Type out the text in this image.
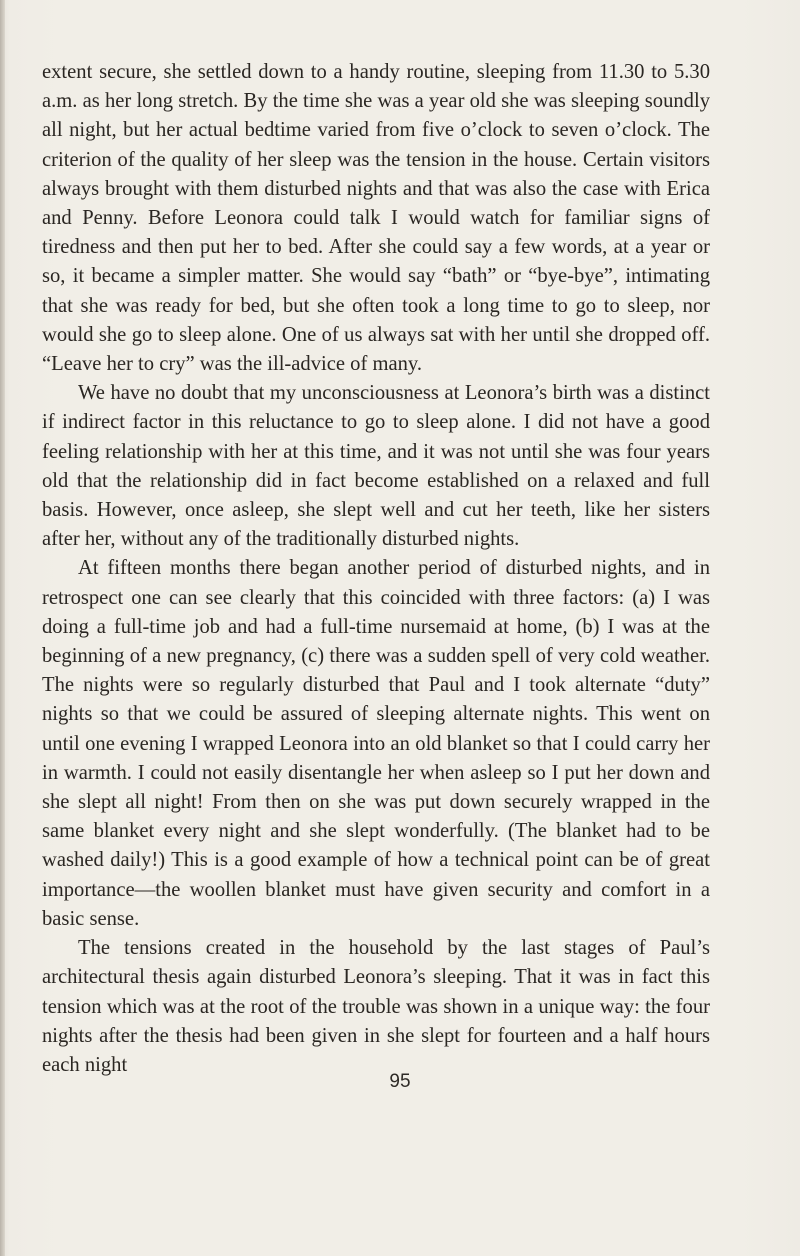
extent secure, she settled down to a handy routine, sleeping from 11.30 to 5.30 a.m. as her long stretch. By the time she was a year old she was sleeping soundly all night, but her actual bedtime varied from five o’clock to seven o’clock. The criterion of the quality of her sleep was the tension in the house. Certain visitors always brought with them disturbed nights and that was also the case with Erica and Penny. Before Leonora could talk I would watch for familiar signs of tiredness and then put her to bed. After she could say a few words, at a year or so, it became a simpler matter. She would say “bath” or “bye-bye”, intimating that she was ready for bed, but she often took a long time to go to sleep, nor would she go to sleep alone. One of us always sat with her until she dropped off. “Leave her to cry” was the ill-advice of many.

We have no doubt that my unconsciousness at Leonora’s birth was a distinct if indirect factor in this reluctance to go to sleep alone. I did not have a good feeling relationship with her at this time, and it was not until she was four years old that the relationship did in fact become established on a relaxed and full basis. However, once asleep, she slept well and cut her teeth, like her sisters after her, without any of the traditionally disturbed nights.

At fifteen months there began another period of disturbed nights, and in retrospect one can see clearly that this coincided with three factors: (a) I was doing a full-time job and had a full-time nursemaid at home, (b) I was at the beginning of a new pregnancy, (c) there was a sudden spell of very cold weather. The nights were so regularly disturbed that Paul and I took alternate “duty” nights so that we could be assured of sleeping alternate nights. This went on until one evening I wrapped Leonora into an old blanket so that I could carry her in warmth. I could not easily disentangle her when asleep so I put her down and she slept all night! From then on she was put down securely wrapped in the same blanket every night and she slept wonderfully. (The blanket had to be washed daily!) This is a good example of how a technical point can be of great importance—the woollen blanket must have given security and comfort in a basic sense.

The tensions created in the household by the last stages of Paul’s architectural thesis again disturbed Leonora’s sleeping. That it was in fact this tension which was at the root of the trouble was shown in a unique way: the four nights after the thesis had been given in she slept for fourteen and a half hours each night

95
